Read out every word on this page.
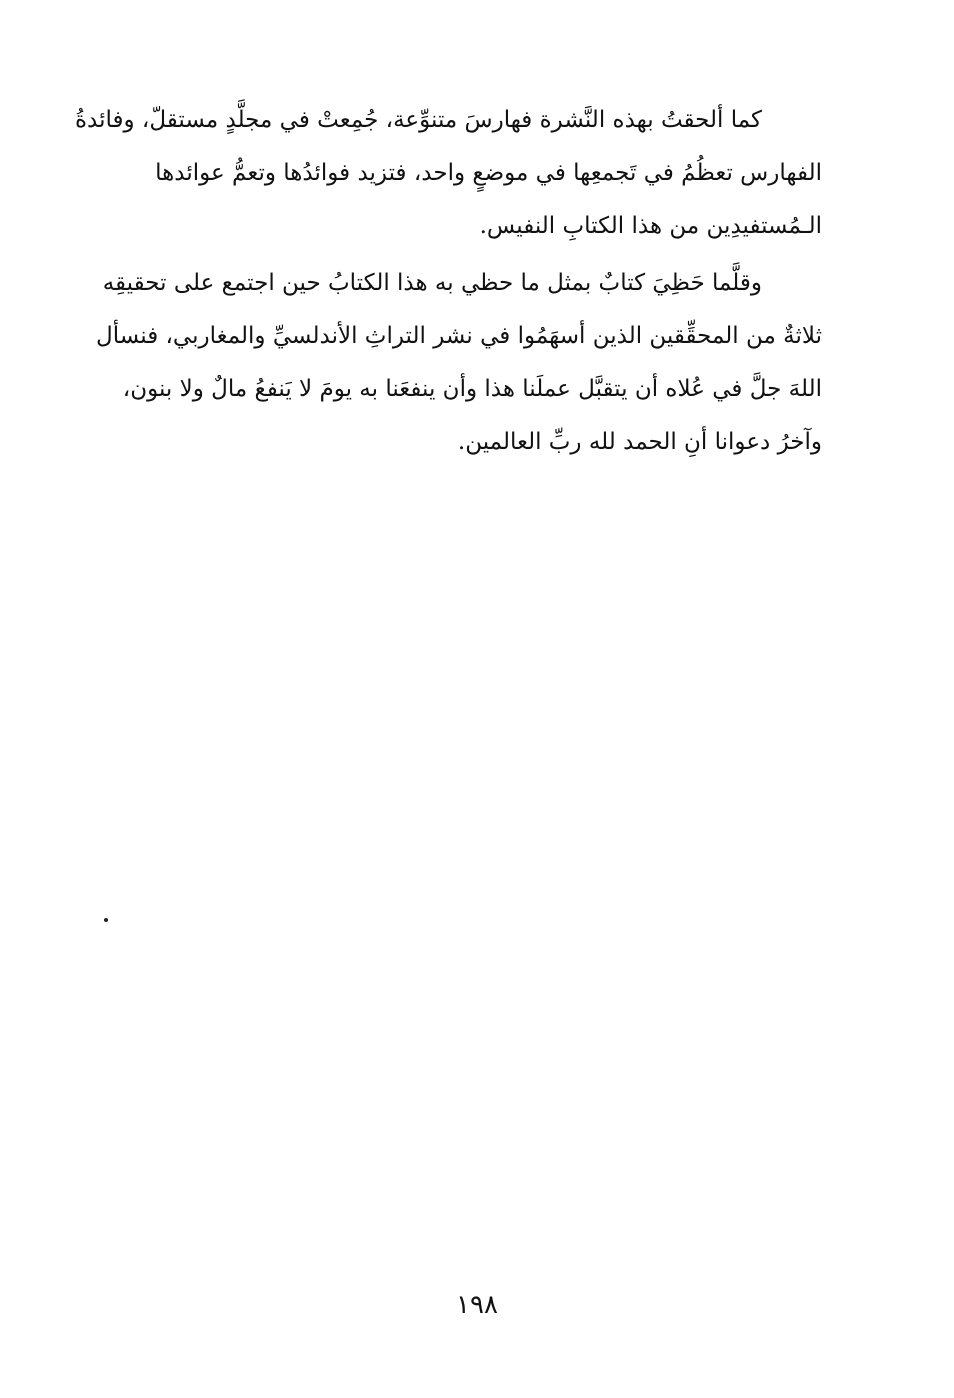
كما ألحقتُ بهذه النَّشرة فهارسَ متنوِّعة، جُمِعتْ في مجلَّدٍ مستقلّ، وفائدةُ
الفهارس تعظُمُ في تَجمعِها في موضعٍ واحد، فتزيد فوائدُها وتعمُّ عوائدها
الـمُستفيدِين من هذا الكتابِ النفيس.
وقلَّما حَظِيَ كتابٌ بمثل ما حظي به هذا الكتابُ حين اجتمع على تحقيقِه
ثلاثةٌ من المحقِّقين الذين أسهَمُوا في نشر التراثِ الأندلسيِّ والمغاربي، فنسأل
اللهَ جلَّ في عُلاه أن يتقبَّل عملَنا هذا وأن ينفعَنا به يومَ لا يَنفعُ مالٌ ولا بنون،
وآخرُ دعوانا أنِ الحمد لله ربِّ العالمين.
١٩٨
